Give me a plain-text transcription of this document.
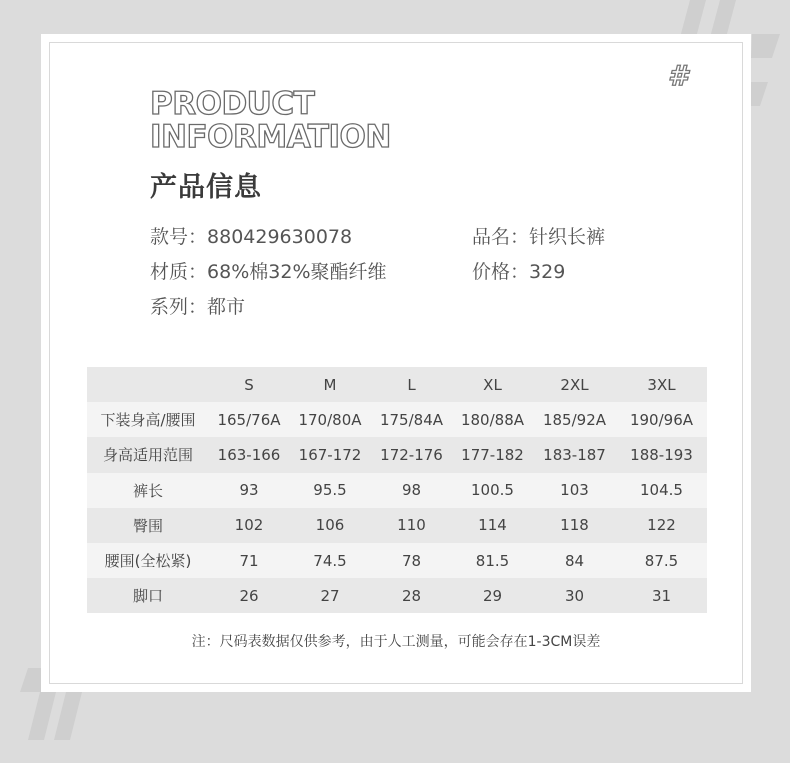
#
PRODUCT
INFORMATION
产品信息
款号 ： 880429630078	品名 ： 针织长裤
材质 ： 68%棉32%聚酯纤维	价格 ： 329
系列 ： 都市
	S	M	L	XL	2XL	3XL
下装身高/腰围	165/76A	170/80A	175/84A	180/88A	185/92A	190/96A
身高适用范围	163-166	167-172	172-176	177-182	183-187	188-193
裤长	93	95.5	98	100.5	103	104.5
臀围	102	106	110	114	118	122
腰围(全松紧)	71	74.5	78	81.5	84	87.5
脚口	26	27	28	29	30	31
注：尺码表数据仅供参考，由于人工测量，可能会存在1-3CM误差
